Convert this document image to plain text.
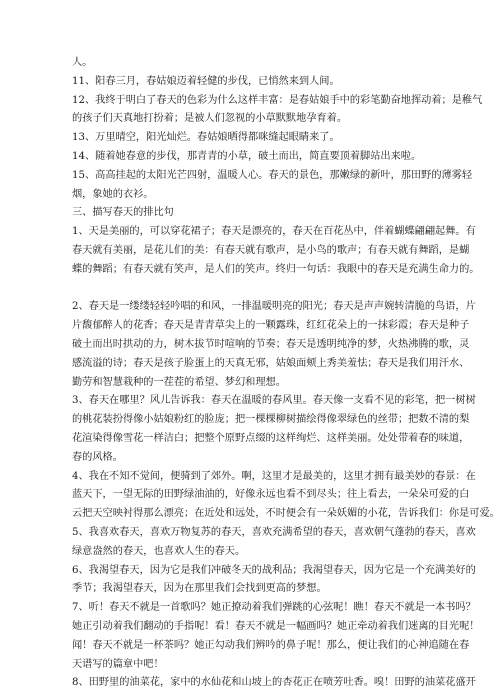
人。
11、阳春三月，春姑娘迈着轻健的步伐，已悄然来到人间。
12、我终于明白了春天的色彩为什么这样丰富：是春姑娘手中的彩笔勤奋地挥动着；是稚气
的孩子们天真地打扮着；是被人们忽视的小草默默地孕育着。
13、万里晴空，阳光灿烂。春姑娘晒得都咪缝起眼睛来了。
14、随着她春意的步伐，那青青的小草，破土而出，简直要顶着脚站出来啦。
15、高高挂起的太阳光芒四射，温暖人心。春天的景色，那嫩绿的新叶，那田野的薄雾轻
烟，象她的衣衫。
三、描写春天的排比句
1、天是美丽的，可以穿花裙子；春天是漂亮的，春天在百花丛中，伴着蝴蝶翩翩起舞。有
春天就有美丽，是花儿们的美：有春天就有歌声，是小鸟的歌声；有春天就有舞蹈，是蝴
蝶的舞蹈；有春天就有笑声，是人们的笑声。终归一句话：我眼中的春天是充满生命力的。
2、春天是一缕缕轻轻吟唱的和风，一排温暖明亮的阳光；春天是声声婉转清脆的鸟语，片
片馥郁醉人的花香；春天是青青草尖上的一颗露珠，红红花朵上的一抹彩霞；春天是种子
破土而出时拱动的力，树木拔节时喧响的节奏；春天是透明纯净的梦，火热沸腾的歌，灵
感流溢的诗；春天是孩子脸蛋上的天真无邪，姑娘面颊上秀美羞怯；春天是我们用汗水、
勤劳和智慧栽种的一茬茬的希望、梦幻和理想。
3、春天在哪里？风儿告诉我：春天在温暖的春风里。春天像一支看不见的彩笔，把一树树
的桃花装扮得像小姑娘粉红的脸庞；把一棵棵柳树描绘得像翠绿色的丝带；把数不清的梨
花渲染得像雪花一样洁白；把整个原野点缀的这样绚烂、这样美丽。处处带着春的味道，
春的风格。
4、我在不知不觉间，便骑到了郊外。啊，这里才是最美的，这里才拥有最美妙的春景：在
蓝天下，一望无际的田野绿油油的，好像永远也看不到尽头；往上看去，一朵朵可爱的白
云把天空映衬得那么漂亮；在近处和远处，不时便会有一朵妖媚的小花，告诉我们：你是可爱。
5、我喜欢春天，喜欢万物复苏的春天，喜欢充满希望的春天，喜欢朝气蓬勃的春天，喜欢
绿意盎然的春天，也喜欢人生的春天。
6、我渴望春天，因为它是我们冲破冬天的战利品；我渴望春天，因为它是一个充满美好的
季节；我渴望春天，因为在那里我们会找到更高的梦想。
7、听！春天不就是一首歌吗？她正撩动着我们弹跳的心弦呢！瞧！春天不就是一本书吗？
她正引动着我们翻动的手指呢！看！春天不就是一幅画吗？她正牵动着我们迷离的目光呢！
闻！春天不就是一杯茶吗？她正勾动我们辨吟的鼻子呢！那么，便让我们的心神追随在春
天谱写的篇章中吧！
8、田野里的油菜花，家中的水仙花和山坡上的杏花正在喷芳吐香。嗅！田野的油菜花盛开
